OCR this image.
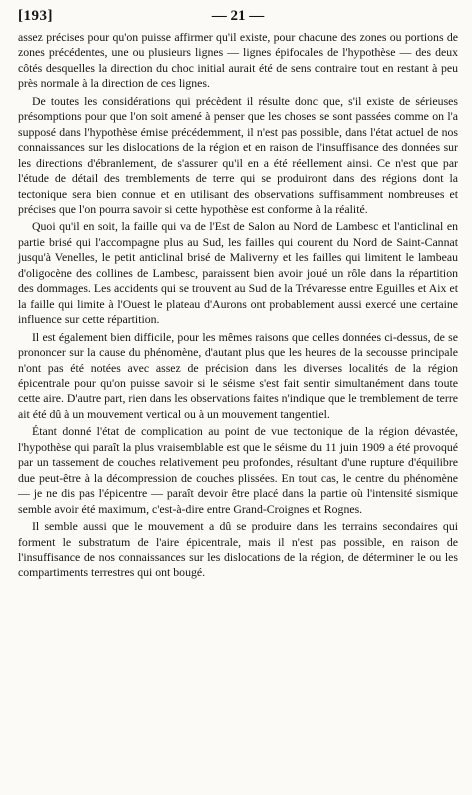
[193]	— 21 —

assez précises pour qu'on puisse affirmer qu'il existe, pour chacune des zones ou portions de zones précédentes, une ou plusieurs lignes — lignes épifocales de l'hypothèse — des deux côtés desquelles la direction du choc initial aurait été de sens contraire tout en restant à peu près normale à la direction de ces lignes.

De toutes les considérations qui précèdent il résulte donc que, s'il existe de sérieuses présomptions pour que l'on soit amené à penser que les choses se sont passées comme on l'a supposé dans l'hypothèse émise précédemment, il n'est pas possible, dans l'état actuel de nos connaissances sur les dislocations de la région et en raison de l'insuffisance des données sur les directions d'ébranlement, de s'assurer qu'il en a été réellement ainsi. Ce n'est que par l'étude de détail des tremblements de terre qui se produiront dans des régions dont la tectonique sera bien connue et en utilisant des observations suffisamment nombreuses et précises que l'on pourra savoir si cette hypothèse est conforme à la réalité.

Quoi qu'il en soit, la faille qui va de l'Est de Salon au Nord de Lambesc et l'anticlinal en partie brisé qui l'accompagne plus au Sud, les failles qui courent du Nord de Saint-Cannat jusqu'à Venelles, le petit anticlinal brisé de Maliverny et les failles qui limitent le lambeau d'oligocène des collines de Lambesc, paraissent bien avoir joué un rôle dans la répartition des dommages. Les accidents qui se trouvent au Sud de la Trévaresse entre Eguilles et Aix et la faille qui limite à l'Ouest le plateau d'Aurons ont probablement aussi exercé une certaine influence sur cette répartition.

Il est également bien difficile, pour les mêmes raisons que celles données ci-dessus, de se prononcer sur la cause du phénomène, d'autant plus que les heures de la secousse principale n'ont pas été notées avec assez de précision dans les diverses localités de la région épicentrale pour qu'on puisse savoir si le séisme s'est fait sentir simultanément dans toute cette aire. D'autre part, rien dans les observations faites n'indique que le tremblement de terre ait été dû à un mouvement vertical ou à un mouvement tangentiel.

Étant donné l'état de complication au point de vue tectonique de la région dévastée, l'hypothèse qui paraît la plus vraisemblable est que le séisme du 11 juin 1909 a été provoqué par un tassement de couches relativement peu profondes, résultant d'une rupture d'équilibre due peut-être à la décompression de couches plissées. En tout cas, le centre du phénomène — je ne dis pas l'épicentre — paraît devoir être placé dans la partie où l'intensité sismique semble avoir été maximum, c'est-à-dire entre Grand-Croignes et Rognes.

Il semble aussi que le mouvement a dû se produire dans les terrains secondaires qui forment le substratum de l'aire épicentrale, mais il n'est pas possible, en raison de l'insuffisance de nos connaissances sur les dislocations de la région, de déterminer le ou les compartiments terrestres qui ont bougé.
